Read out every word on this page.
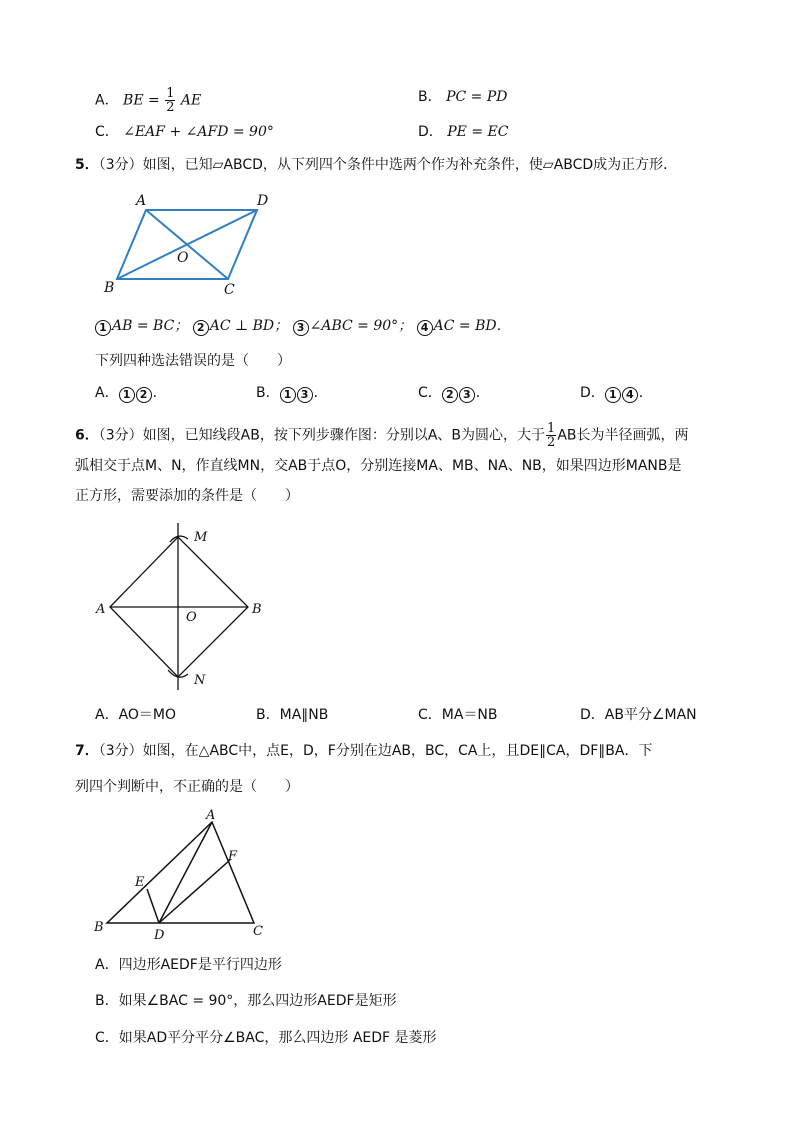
A． BE = $\frac{1}{2}$ AE	B． PC = PD
C． ∠EAF + ∠AFD = 90°	D． PE = EC
5．（3分）如图，已知▱ABCD，从下列四个条件中选两个作为补充条件，使▱ABCD成为正方形．
A	D
B	C
O
1 AB = BC； 2 AC ⊥ BD； 3 ∠ABC = 90°； 4 AC = BD．
下列四种选法错误的是（　　）
A． 1 2 ．	B． 1 3 ．	C． 2 3 ．	D． 1 4 ．
6．（3分）如图，已知线段AB，按下列步骤作图：分别以A、B为圆心，大于 $\frac{1}{2}$ AB长为半径画弧，两
弧相交于点M、N，作直线MN，交AB于点O，分别连接MA、MB、NA、NB，如果四边形MANB是
正方形，需要添加的条件是（　　）
A	B
M
N
O
A．AO＝MO	B．MA∥NB	C．MA＝NB	D．AB平分∠MAN
7．（3分）如图，在△ABC中，点E，D，F分别在边AB，BC，CA上，且DE∥CA，DF∥BA．下
列四个判断中，不正确的是（　　）
A
B	C
D
E
F
A．四边形AEDF是平行四边形
B．如果∠BAC = 90°，那么四边形AEDF是矩形
C．如果AD平分平分∠BAC，那么四边形 AEDF 是菱形
